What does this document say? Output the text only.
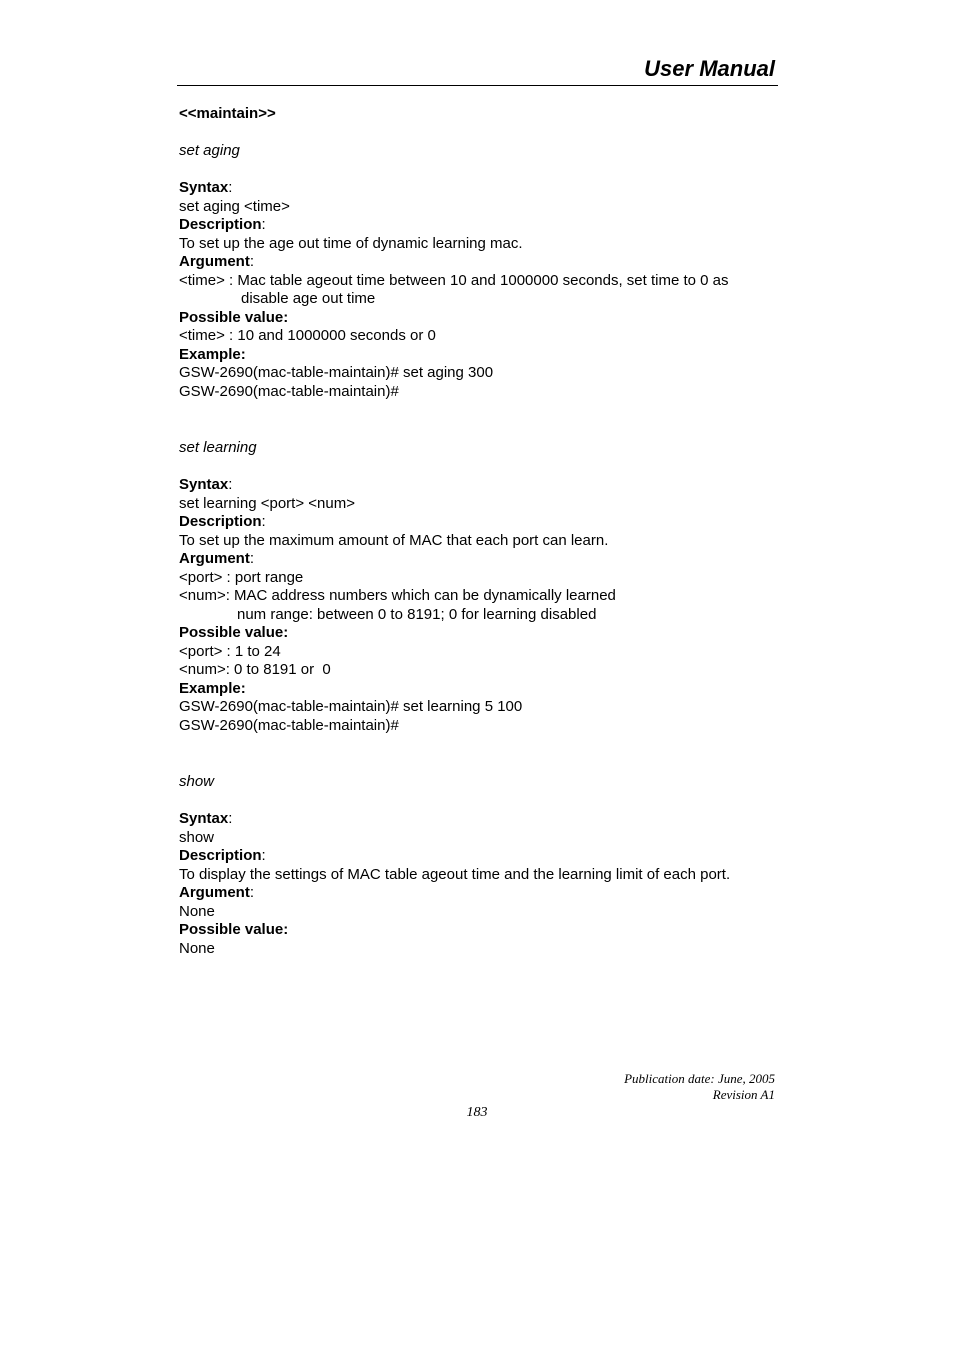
User Manual
<<maintain>>
set aging
Syntax:
set aging <time>
Description:
To set up the age out time of dynamic learning mac.
Argument:
<time> : Mac table ageout time between 10 and 1000000 seconds, set time to 0 as
disable age out time
Possible value:
<time> : 10 and 1000000 seconds or 0
Example:
GSW-2690(mac-table-maintain)# set aging 300
GSW-2690(mac-table-maintain)#
set learning
Syntax:
set learning <port> <num>
Description:
To set up the maximum amount of MAC that each port can learn.
Argument:
<port> : port range
<num>: MAC address numbers which can be dynamically learned
num range: between 0 to 8191; 0 for learning disabled
Possible value:
<port> : 1 to 24
<num>: 0 to 8191 or  0
Example:
GSW-2690(mac-table-maintain)# set learning 5 100
GSW-2690(mac-table-maintain)#
show
Syntax:
show
Description:
To display the settings of MAC table ageout time and the learning limit of each port.
Argument:
None
Possible value:
None
Publication date: June, 2005
Revision A1
183
